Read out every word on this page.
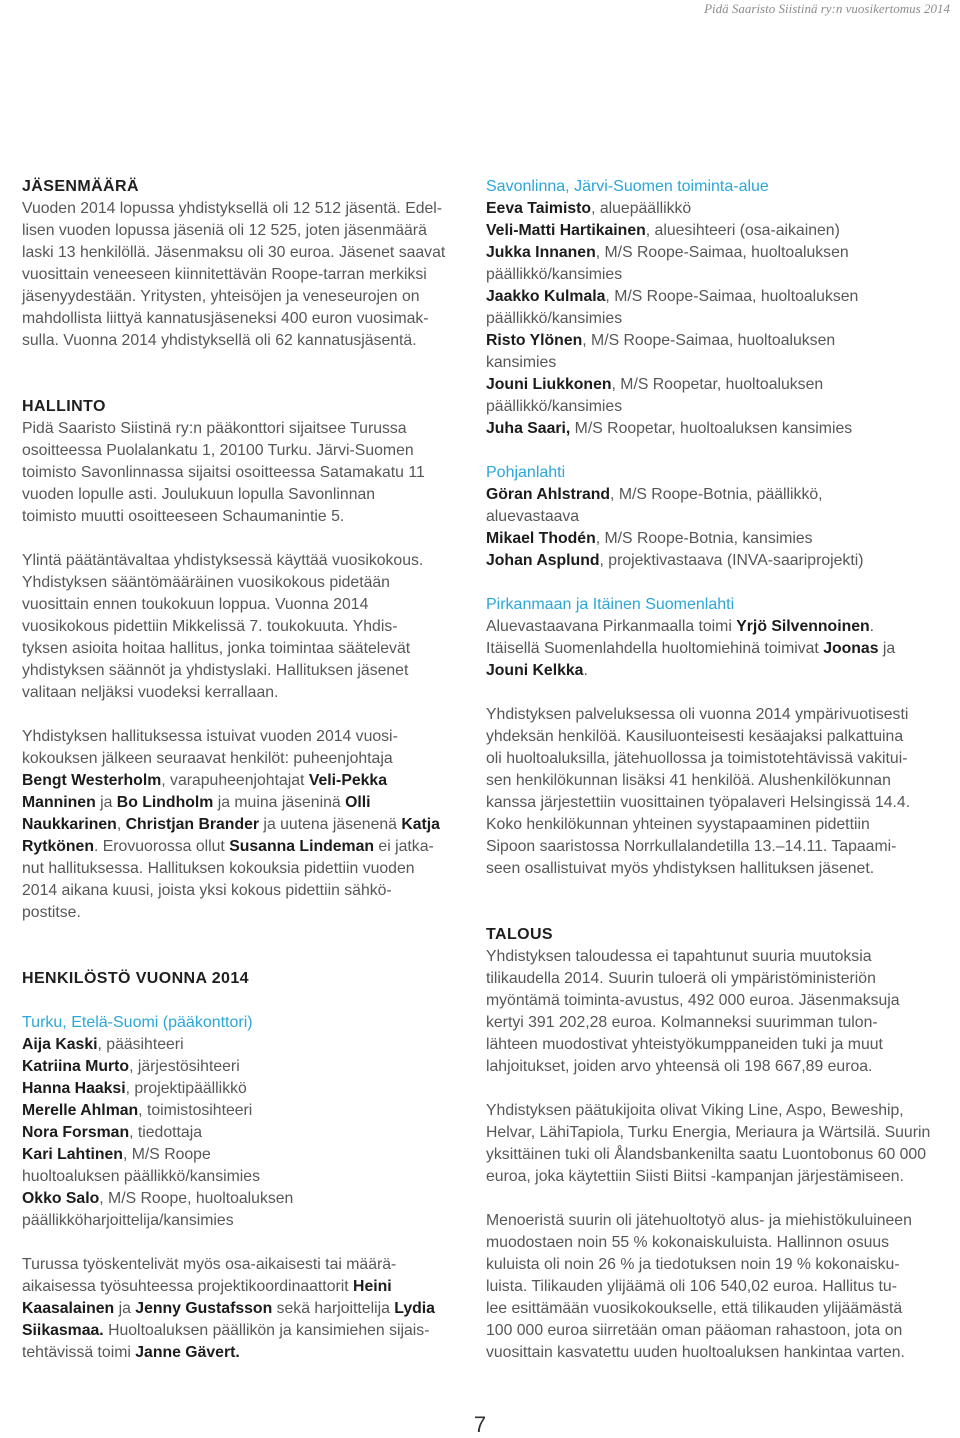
Pidä Saaristo Siistinä ry:n vuosikertomus 2014
JÄSENMÄÄRÄ
Vuoden 2014 lopussa yhdistyksellä oli 12 512 jäsentä. Edel-
lisen vuoden lopussa jäseniä oli 12 525, joten jäsenmäärä
laski 13 henkilöllä. Jäsenmaksu oli 30 euroa. Jäsenet saavat
vuosittain veneeseen kiinnitettävän Roope-tarran merkiksi
jäsenyydestään. Yritysten, yhteisöjen ja veneseurojen on
mahdollista liittyä kannatusjäseneksi 400 euron vuosimak-
sulla. Vuonna 2014 yhdistyksellä oli 62 kannatusjäsentä.
HALLINTO
Pidä Saaristo Siistinä ry:n pääkonttori sijaitsee Turussa
osoitteessa Puolalankatu 1, 20100 Turku. Järvi-Suomen
toimisto Savonlinnassa sijaitsi osoitteessa Satamakatu 11
vuoden lopulle asti. Joulukuun lopulla Savonlinnan
toimisto muutti osoitteeseen Schaumanintie 5.
Ylintä päätäntävaltaa yhdistyksessä käyttää vuosikokous.
Yhdistyksen sääntömääräinen vuosikokous pidetään
vuosittain ennen toukokuun loppua. Vuonna 2014
vuosikokous pidettiin Mikkelissä 7. toukokuuta. Yhdis-
tyksen asioita hoitaa hallitus, jonka toimintaa säätelevät
yhdistyksen säännöt ja yhdistyslaki. Hallituksen jäsenet
valitaan neljäksi vuodeksi kerrallaan.
Yhdistyksen hallituksessa istuivat vuoden 2014 vuosi-
kokouksen jälkeen seuraavat henkilöt: puheenjohtaja
Bengt Westerholm, varapuheenjohtajat Veli-Pekka
Manninen ja Bo Lindholm ja muina jäseninä Olli
Naukkarinen, Christjan Brander ja uutena jäsenenä Katja
Rytkönen. Erovuorossa ollut Susanna Lindeman ei jatka-
nut hallituksessa. Hallituksen kokouksia pidettiin vuoden
2014 aikana kuusi, joista yksi kokous pidettiin sähkö-
postitse.
HENKILÖSTÖ VUONNA 2014
Turku, Etelä-Suomi (pääkonttori)
Aija Kaski, pääsihteeri
Katriina Murto, järjestösihteeri
Hanna Haaksi, projektipäällikkö
Merelle Ahlman, toimistosihteeri
Nora Forsman, tiedottaja
Kari Lahtinen, M/S Roope
huoltoaluksen päällikkö/kansimies
Okko Salo, M/S Roope, huoltoaluksen
päällikköharjoittelija/kansimies
Turussa työskentelivät myös osa-aikaisesti tai määrä-
aikaisessa työsuhteessa projektikoordinaattorit Heini
Kaasalainen ja Jenny Gustafsson sekä harjoittelija Lydia
Siikasmaa. Huoltoaluksen päällikön ja kansimiehen sijais-
tehtävissä toimi Janne Gävert.
Savonlinna, Järvi-Suomen toiminta-alue
Eeva Taimisto, aluepäällikkö
Veli-Matti Hartikainen, aluesihteeri (osa-aikainen)
Jukka Innanen, M/S Roope-Saimaa, huoltoaluksen
päällikkö/kansimies
Jaakko Kulmala, M/S Roope-Saimaa, huoltoaluksen
päällikkö/kansimies
Risto Ylönen, M/S Roope-Saimaa, huoltoaluksen
kansimies
Jouni Liukkonen, M/S Roopetar, huoltoaluksen
päällikkö/kansimies
Juha Saari, M/S Roopetar, huoltoaluksen kansimies
Pohjanlahti
Göran Ahlstrand, M/S Roope-Botnia, päällikkö,
aluevastaava
Mikael Thodén, M/S Roope-Botnia, kansimies
Johan Asplund, projektivastaava (INVA-saariprojekti)
Pirkanmaan ja Itäinen Suomenlahti
Aluevastaavana Pirkanmaalla toimi Yrjö Silvennoinen.
Itäisellä Suomenlahdella huoltomiehinä toimivat Joonas ja
Jouni Kelkka.
Yhdistyksen palveluksessa oli vuonna 2014 ympärivuotisesti
yhdeksän henkilöä. Kausiluonteisesti kesäajaksi palkattuina
oli huoltoaluksilla, jätehuollossa ja toimistotehtävissä vakitui-
sen henkilökunnan lisäksi 41 henkilöä. Alushenkilökunnan
kanssa järjestettiin vuosittainen työpalaveri Helsingissä 14.4.
Koko henkilökunnan yhteinen syystapaaminen pidettiin
Sipoon saaristossa Norrkullalandetilla 13.–14.11. Tapaami-
seen osallistuivat myös yhdistyksen hallituksen jäsenet.
TALOUS
Yhdistyksen taloudessa ei tapahtunut suuria muutoksia
tilikaudella 2014. Suurin tuloerä oli ympäristöministeriön
myöntämä toiminta-avustus, 492 000 euroa. Jäsenmaksuja
kertyi 391 202,28 euroa. Kolmanneksi suurimman tulon-
lähteen muodostivat yhteistyökumppaneiden tuki ja muut
lahjoitukset, joiden arvo yhteensä oli 198 667,89 euroa.
Yhdistyksen päätukijoita olivat Viking Line, Aspo, Beweship,
Helvar, LähiTapiola, Turku Energia, Meriaura ja Wärtsilä. Suurin
yksittäinen tuki oli Ålandsbankenilta saatu Luontobonus 60 000
euroa, joka käytettiin Siisti Biitsi -kampanjan järjestämiseen.
Menoeristä suurin oli jätehuoltotyö alus- ja miehistökuluineen
muodostaen noin 55 % kokonaiskuluista. Hallinnon osuus
kuluista oli noin 26 % ja tiedotuksen noin 19 % kokonaisku-
luista. Tilikauden ylijäämä oli 106 540,02 euroa. Hallitus tu-
lee esittämään vuosikokoukselle, että tilikauden ylijäämästä
100 000 euroa siirretään oman pääoman rahastoon, jota on
vuosittain kasvatettu uuden huoltoaluksen hankintaa varten.
7
